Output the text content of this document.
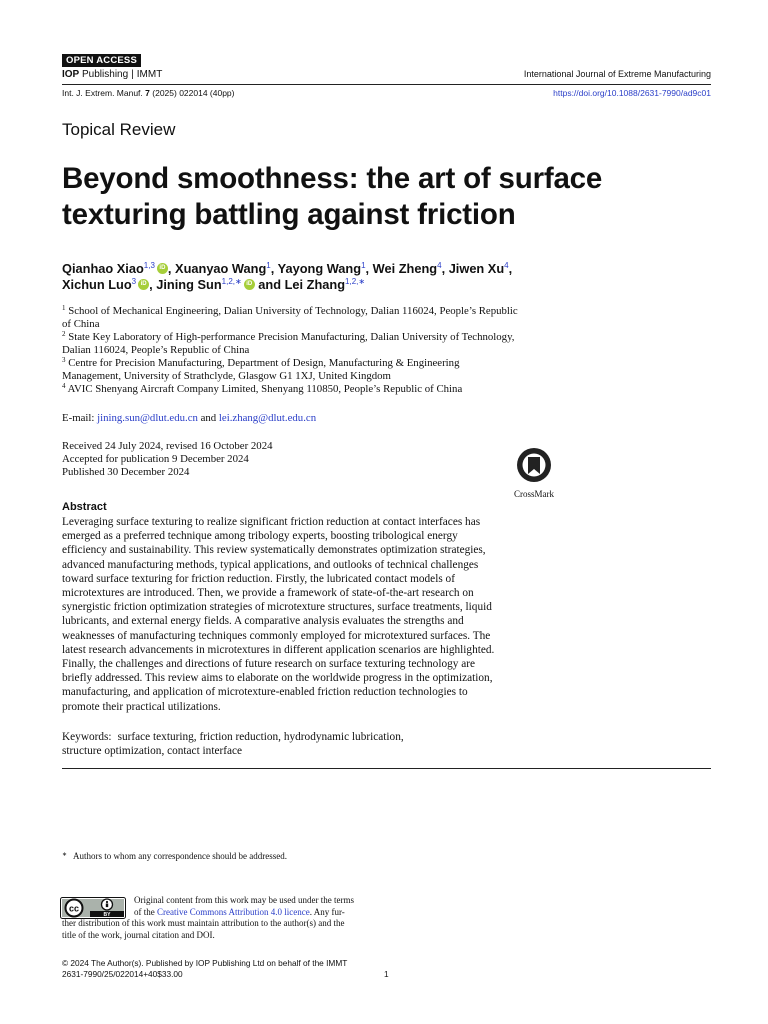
OPEN ACCESS
IOP Publishing | IMMT	International Journal of Extreme Manufacturing
Int. J. Extrem. Manuf. 7 (2025) 022014 (40pp)	https://doi.org/10.1088/2631-7990/ad9c01
Topical Review
Beyond smoothness: the art of surface
texturing battling against friction
Qianhao Xiao$^{1,3}$ iD , Xuanyao Wang$^1$, Yayong Wang$^1$, Wei Zheng$^4$, Jiwen Xu$^4$,
Xichun Luo$^3$ iD , Jining Sun$^{1,2,∗}$ iD and Lei Zhang$^{1,2,∗}$
$^1$ School of Mechanical Engineering, Dalian University of Technology, Dalian 116024, People’s Republic
of China
$^2$ State Key Laboratory of High-performance Precision Manufacturing, Dalian University of Technology,
Dalian 116024, People’s Republic of China
$^3$ Centre for Precision Manufacturing, Department of Design, Manufacturing & Engineering
Management, University of Strathclyde, Glasgow G1 1XJ, United Kingdom
$^4$ AVIC Shenyang Aircraft Company Limited, Shenyang 110850, People’s Republic of China
E-mail: jining.sun@dlut.edu.cn and lei.zhang@dlut.edu.cn
Received 24 July 2024, revised 16 October 2024
Accepted for publication 9 December 2024
Published 30 December 2024
CrossMark
Abstract
Leveraging surface texturing to realize significant friction reduction at contact interfaces has
emerged as a preferred technique among tribology experts, boosting tribological energy
efficiency and sustainability. This review systematically demonstrates optimization strategies,
advanced manufacturing methods, typical applications, and outlooks of technical challenges
toward surface texturing for friction reduction. Firstly, the lubricated contact models of
microtextures are introduced. Then, we provide a framework of state-of-the-art research on
synergistic friction optimization strategies of microtexture structures, surface treatments, liquid
lubricants, and external energy fields. A comparative analysis evaluates the strengths and
weaknesses of manufacturing techniques commonly employed for microtextured surfaces. The
latest research advancements in microtextures in different application scenarios are highlighted.
Finally, the challenges and directions of future research on surface texturing technology are
briefly addressed. This review aims to elaborate on the worldwide progress in the optimization,
manufacturing, and application of microtexture-enabled friction reduction technologies to
promote their practical utilizations.
Keywords: surface texturing, friction reduction, hydrodynamic lubrication,
structure optimization, contact interface
∗ Authors to whom any correspondence should be addressed.
cc
BY
Original content from this work may be used under the terms
of the Creative Commons Attribution 4.0 licence. Any fur-
ther distribution of this work must maintain attribution to the author(s) and the
title of the work, journal citation and DOI.
© 2024 The Author(s). Published by IOP Publishing Ltd on behalf of the IMMT
2631-7990/25/022014+40$33.00	1
